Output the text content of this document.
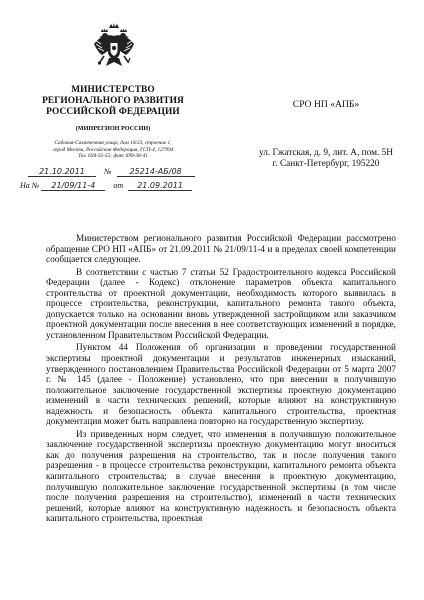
МИНИСТЕРСТВО
РЕГИОНАЛЬНОГО РАЗВИТИЯ
РОССИЙСКОЙ ФЕДЕРАЦИИ
(МИНРЕГИОН РОССИИ)
Садовая-Самотечная улица, дом 10/23, строение 1,
город Москва, Российская Федерация, ГСП-4, 127994
Тел. 694-35-55; факс 699-38-41
21.10.2011 № 25214-АБ/08
На № 21/09/11-4 от 21.09.2011
СРО НП «АПБ»
ул. Гжатская, д. 9, лит. А, пом. 5Н
г. Санкт-Петербург, 195220

Министерством регионального развития Российской Федерации рассмотрено обращение СРО НП «АПБ» от 21.09.2011 № 21/09/11-4 и в пределах своей компетенции сообщается следующее.

В соответствии с частью 7 статьи 52 Градостроительного кодекса Российской Федерации (далее - Кодекс) отклонение параметров объекта капитального строительства от проектной документации, необходимость которого выявилась в процессе строительства, реконструкции, капитального ремонта такого объекта, допускается только на основании вновь утвержденной застройщиком или заказчиком проектной документации после внесения в нее соответствующих изменений в порядке, установленном Правительством Российской Федерации.

Пунктом 44 Положения об организации и проведении государственной экспертизы проектной документации и результатов инженерных изысканий, утвержденного постановлением Правительства Российской Федерации от 5 марта 2007 г. № 145 (далее - Положение) установлено, что при внесении в получившую положительное заключение государственной экспертизы проектную документацию изменений в части технических решений, которые влияют на конструктивную надежность и безопасность объекта капитального строительства, проектная документация может быть направлена повторно на государственную экспертизу.

Из приведенных норм следует, что изменения в получившую положительное заключение государственной экспертизы проектную документацию могут вноситься как до получения разрешения на строительство, так и после получения такого разрешения - в процессе строительства реконструкции, капитального ремонта объекта капитального строительства; в случае внесения в проектную документацию, получившую положительное заключение государственной экспертизы (в том числе после получения разрешения на строительство), изменений в части технических решений, которые влияют на конструктивную надежность и безопасность объекта капитального строительства, проектная
